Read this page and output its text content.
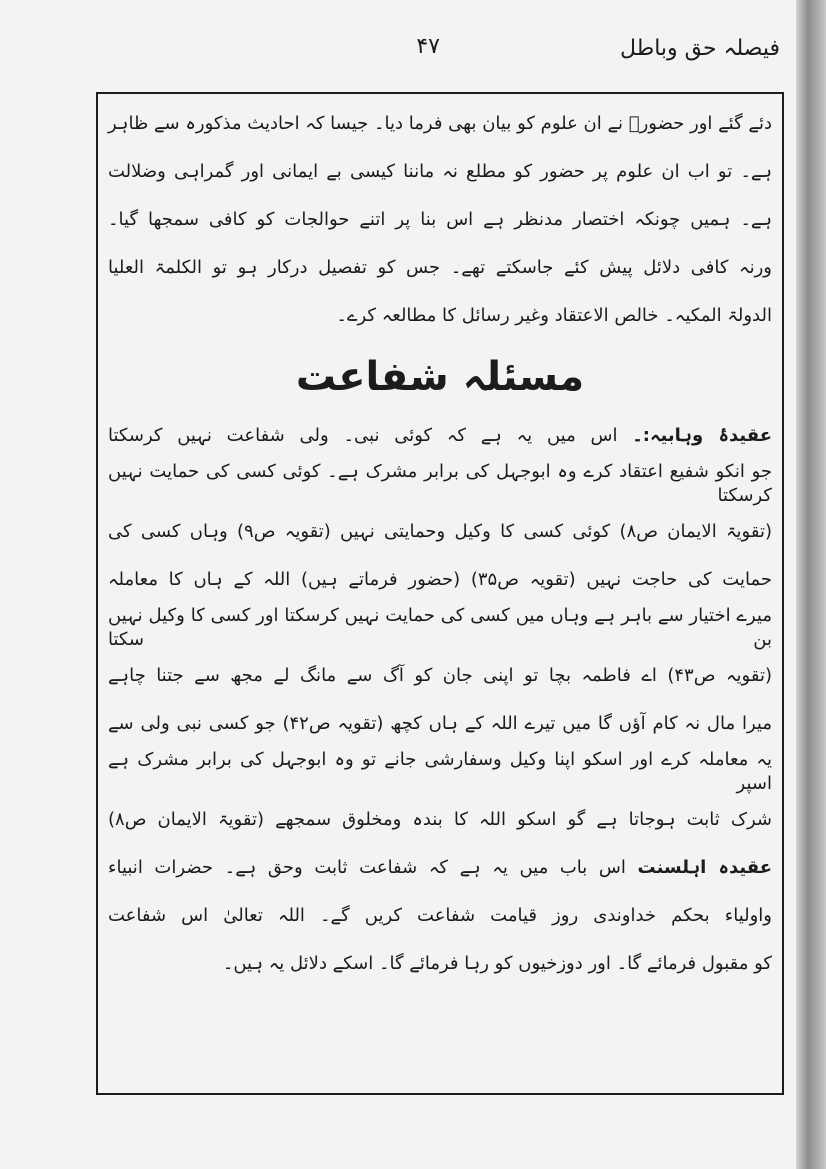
فیصلہ حق وباطل
۴۷
دئے گئے اور حضورؐ نے ان علوم کو بیان بھی فرما دیا۔ جیسا کہ احادیث مذکورہ سے ظاہر
ہے۔ تو اب ان علوم پر حضور کو مطلع نہ ماننا کیسی بے ایمانی اور گمراہی وضلالت
ہے۔ ہمیں چونکہ اختصار مدنظر ہے اس بنا پر اتنے حوالجات کو کافی سمجھا گیا۔
ورنہ کافی دلائل پیش کئے جاسکتے تھے۔ جس کو تفصیل درکار ہو تو الکلمۃ العلیا
الدولۃ المکیہ۔ خالص الاعتقاد وغیر رسائل کا مطالعہ کرے۔
مسئلہ شفاعت
عقیدۂ وہابیہ:۔ اس میں یہ ہے کہ کوئی نبی۔ ولی شفاعت نہیں کرسکتا
جو انکو شفیع اعتقاد کرے وہ ابوجہل کی برابر مشرک ہے۔ کوئی کسی کی حمایت نہیں کرسکتا
(تقویۃ الایمان ص۸) کوئی کسی کا وکیل وحمایتی نہیں (تقویہ ص۹) وہاں کسی کی
حمایت کی حاجت نہیں (تقویہ ص۳۵) (حضور فرماتے ہیں) اللہ کے ہاں کا معاملہ
میرے اختیار سے باہر ہے وہاں میں کسی کی حمایت نہیں کرسکتا اور کسی کا وکیل نہیں بن سکتا
(تقویہ ص۴۳) اے فاطمہ بچا تو اپنی جان کو آگ سے مانگ لے مجھ سے جتنا چاہے
میرا مال نہ کام آؤں گا میں تیرے اللہ کے ہاں کچھ (تقویہ ص۴۲) جو کسی نبی ولی سے
یہ معاملہ کرے اور اسکو اپنا وکیل وسفارشی جانے تو وہ ابوجہل کی برابر مشرک ہے اسپر
شرک ثابت ہوجاتا ہے گو اسکو اللہ کا بندہ ومخلوق سمجھے (تقویۃ الایمان ص۸)
عقیدہ اہلسنت اس باب میں یہ ہے کہ شفاعت ثابت وحق ہے۔ حضرات انبیاء
واولیاء بحکم خداوندی روز قیامت شفاعت کریں گے۔ اللہ تعالیٰ اس شفاعت
کو مقبول فرمائے گا۔ اور دوزخیوں کو رہا فرمائے گا۔ اسکے دلائل یہ ہیں۔
